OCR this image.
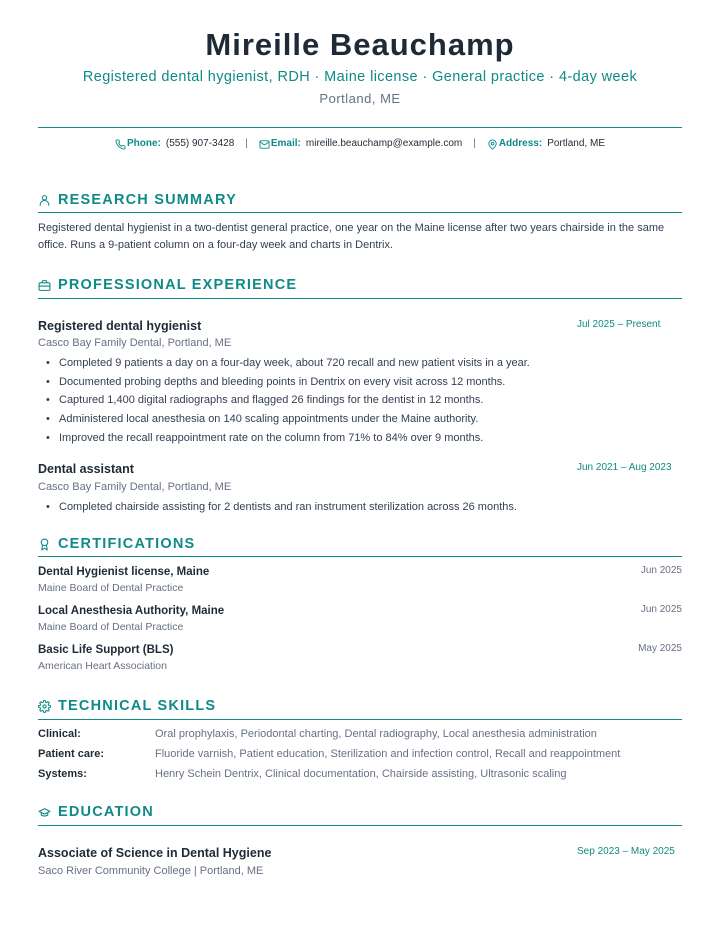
Mireille Beauchamp
Registered dental hygienist, RDH · Maine license · General practice · 4-day week
Portland, ME
Phone: (555) 907-3428 | Email: mireille.beauchamp@example.com | Address: Portland, ME
RESEARCH SUMMARY
Registered dental hygienist in a two-dentist general practice, one year on the Maine license after two years chairside in the same office. Runs a 9-patient column on a four-day week and charts in Dentrix.
PROFESSIONAL EXPERIENCE
Registered dental hygienist	Jul 2025 – Present
Casco Bay Family Dental, Portland, ME
• Completed 9 patients a day on a four-day week, about 720 recall and new patient visits in a year.
• Documented probing depths and bleeding points in Dentrix on every visit across 12 months.
• Captured 1,400 digital radiographs and flagged 26 findings for the dentist in 12 months.
• Administered local anesthesia on 140 scaling appointments under the Maine authority.
• Improved the recall reappointment rate on the column from 71% to 84% over 9 months.
Dental assistant	Jun 2021 – Aug 2023
Casco Bay Family Dental, Portland, ME
• Completed chairside assisting for 2 dentists and ran instrument sterilization across 26 months.
CERTIFICATIONS
Dental Hygienist license, Maine	Jun 2025
Maine Board of Dental Practice
Local Anesthesia Authority, Maine	Jun 2025
Maine Board of Dental Practice
Basic Life Support (BLS)	May 2025
American Heart Association
TECHNICAL SKILLS
Clinical:	Oral prophylaxis, Periodontal charting, Dental radiography, Local anesthesia administration
Patient care:	Fluoride varnish, Patient education, Sterilization and infection control, Recall and reappointment
Systems:	Henry Schein Dentrix, Clinical documentation, Chairside assisting, Ultrasonic scaling
EDUCATION
Associate of Science in Dental Hygiene	Sep 2023 – May 2025
Saco River Community College | Portland, ME
